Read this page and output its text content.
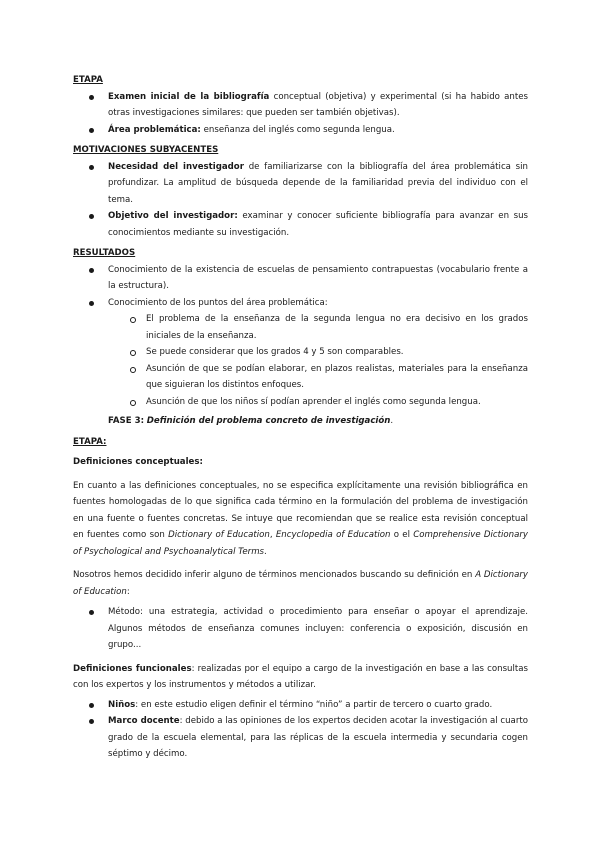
ETAPA
Examen inicial de la bibliografía conceptual (objetiva) y experimental (si ha habido antes otras investigaciones similares: que pueden ser también objetivas).
Área problemática: enseñanza del inglés como segunda lengua.
MOTIVACIONES SUBYACENTES
Necesidad del investigador de familiarizarse con la bibliografía del área problemática sin profundizar. La amplitud de búsqueda depende de la familiaridad previa del individuo con el tema.
Objetivo del investigador: examinar y conocer suficiente bibliografía para avanzar en sus conocimientos mediante su investigación.
RESULTADOS
Conocimiento de la existencia de escuelas de pensamiento contrapuestas (vocabulario frente a la estructura).
Conocimiento de los puntos del área problemática:
El problema de la enseñanza de la segunda lengua no era decisivo en los grados iniciales de la enseñanza.
Se puede considerar que los grados 4 y 5 son comparables.
Asunción de que se podían elaborar, en plazos realistas, materiales para la enseñanza que siguieran los distintos enfoques.
Asunción de que los niños sí podían aprender el inglés como segunda lengua.
FASE 3: Definición del problema concreto de investigación.
ETAPA:
Definiciones conceptuales:
En cuanto a las definiciones conceptuales, no se especifica explícitamente una revisión bibliográfica en fuentes homologadas de lo que significa cada término en la formulación del problema de investigación en una fuente o fuentes concretas. Se intuye que recomiendan que se realice esta revisión conceptual en fuentes como son Dictionary of Education, Encyclopedia of Education o el Comprehensive Dictionary of Psychological and Psychoanalytical Terms.
Nosotros hemos decidido inferir alguno de términos mencionados buscando su definición en A Dictionary of Education:
Método: una estrategia, actividad o procedimiento para enseñar o apoyar el aprendizaje. Algunos métodos de enseñanza comunes incluyen: conferencia o exposición, discusión en grupo...
Definiciones funcionales: realizadas por el equipo a cargo de la investigación en base a las consultas con los expertos y los instrumentos y métodos a utilizar.
Niños: en este estudio eligen definir el término “niño” a partir de tercero o cuarto grado.
Marco docente: debido a las opiniones de los expertos deciden acotar la investigación al cuarto grado de la escuela elemental, para las réplicas de la escuela intermedia y secundaria cogen séptimo y décimo.
